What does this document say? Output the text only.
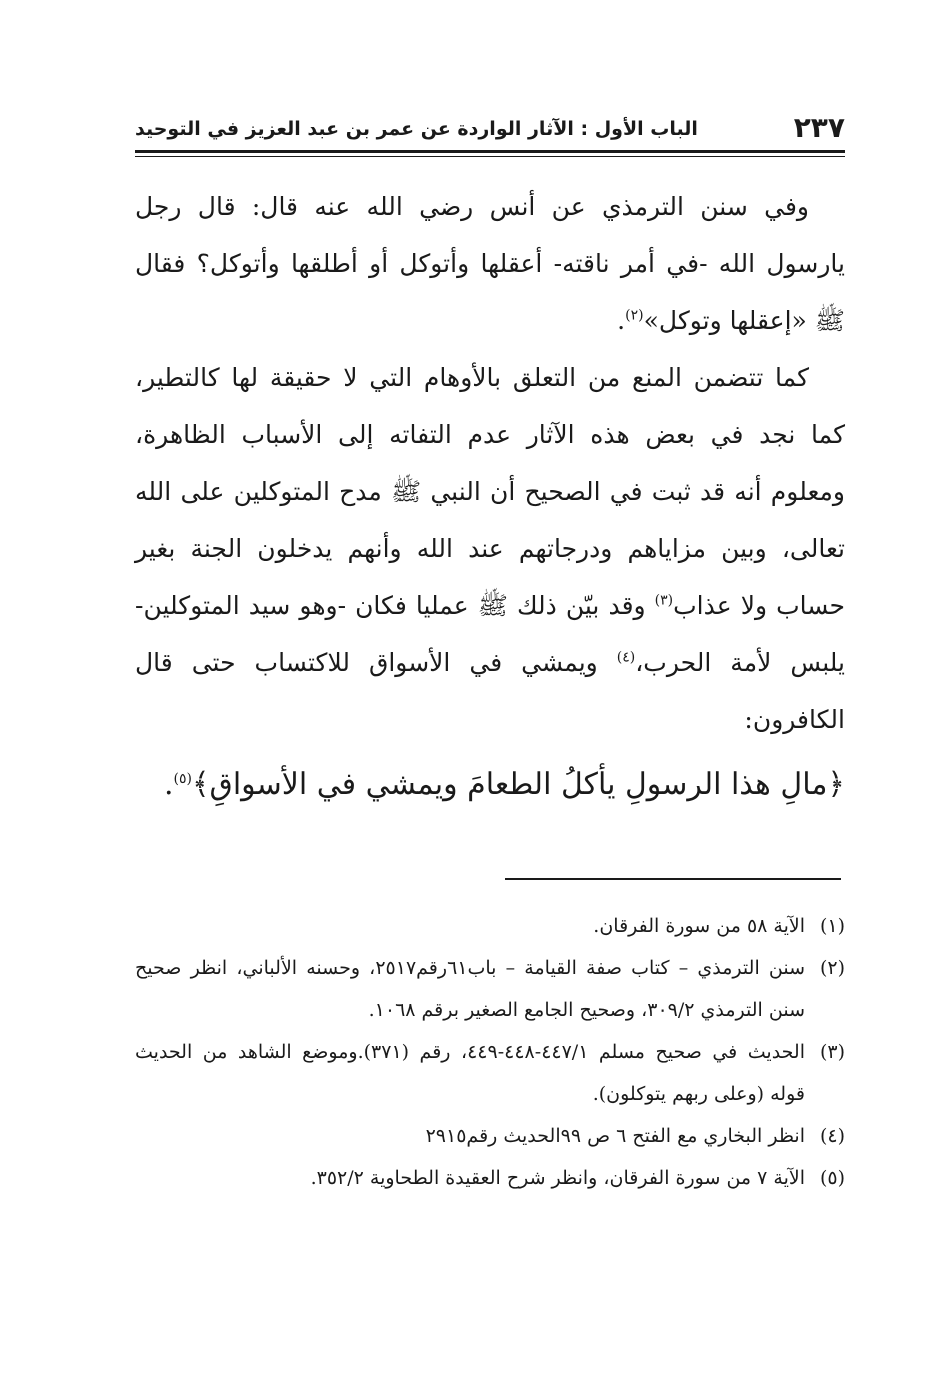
٢٣٧
الباب الأول : الآثار الواردة عن عمر بن عبد العزيز في التوحيد

وفي سنن الترمذي عن أنس رضي الله عنه قال: قال رجل يارسول الله -في أمر ناقته- أعقلها وأتوكل أو أطلقها وأتوكل؟ فقال ﷺ «إعقلها وتوكل»$^{(٢)}$.

كما تتضمن المنع من التعلق بالأوهام التي لا حقيقة لها كالتطير، كما نجد في بعض هذه الآثار عدم التفاته إلى الأسباب الظاهرة، ومعلوم أنه قد ثبت في الصحيح أن النبي ﷺ مدح المتوكلين على الله تعالى، وبين مزاياهم ودرجاتهم عند الله وأنهم يدخلون الجنة بغير حساب ولا عذاب$^{(٣)}$ وقد بيّن ذلك ﷺ عمليا فكان -وهو سيد المتوكلين- يلبس لأمة الحرب،$^{(٤)}$ ويمشي في الأسواق للاكتساب حتى قال الكافرون:

﴿مالِ هذا الرسولِ يأكلُ الطعامَ ويمشي في الأسواقِ﴾$^{(٥)}$.

(١)
الآية ٥٨ من سورة الفرقان.
(٢)
سنن الترمذي – كتاب صفة القيامة – باب٦١رقم٢٥١٧، وحسنه الألباني، انظر صحيح سنن الترمذي ٣٠٩/٢، وصحيح الجامع الصغير برقم ١٠٦٨.
(٣)
الحديث في صحيح مسلم ٤٤٧/١-٤٤٨-٤٤٩، رقم (٣٧١).وموضع الشاهد من الحديث قوله (وعلى ربهم يتوكلون).
(٤)
انظر البخاري مع الفتح ٦ ص ٩٩الحديث رقم٢٩١٥
(٥)
الآية ٧ من سورة الفرقان، وانظر شرح العقيدة الطحاوية ٣٥٢/٢.
